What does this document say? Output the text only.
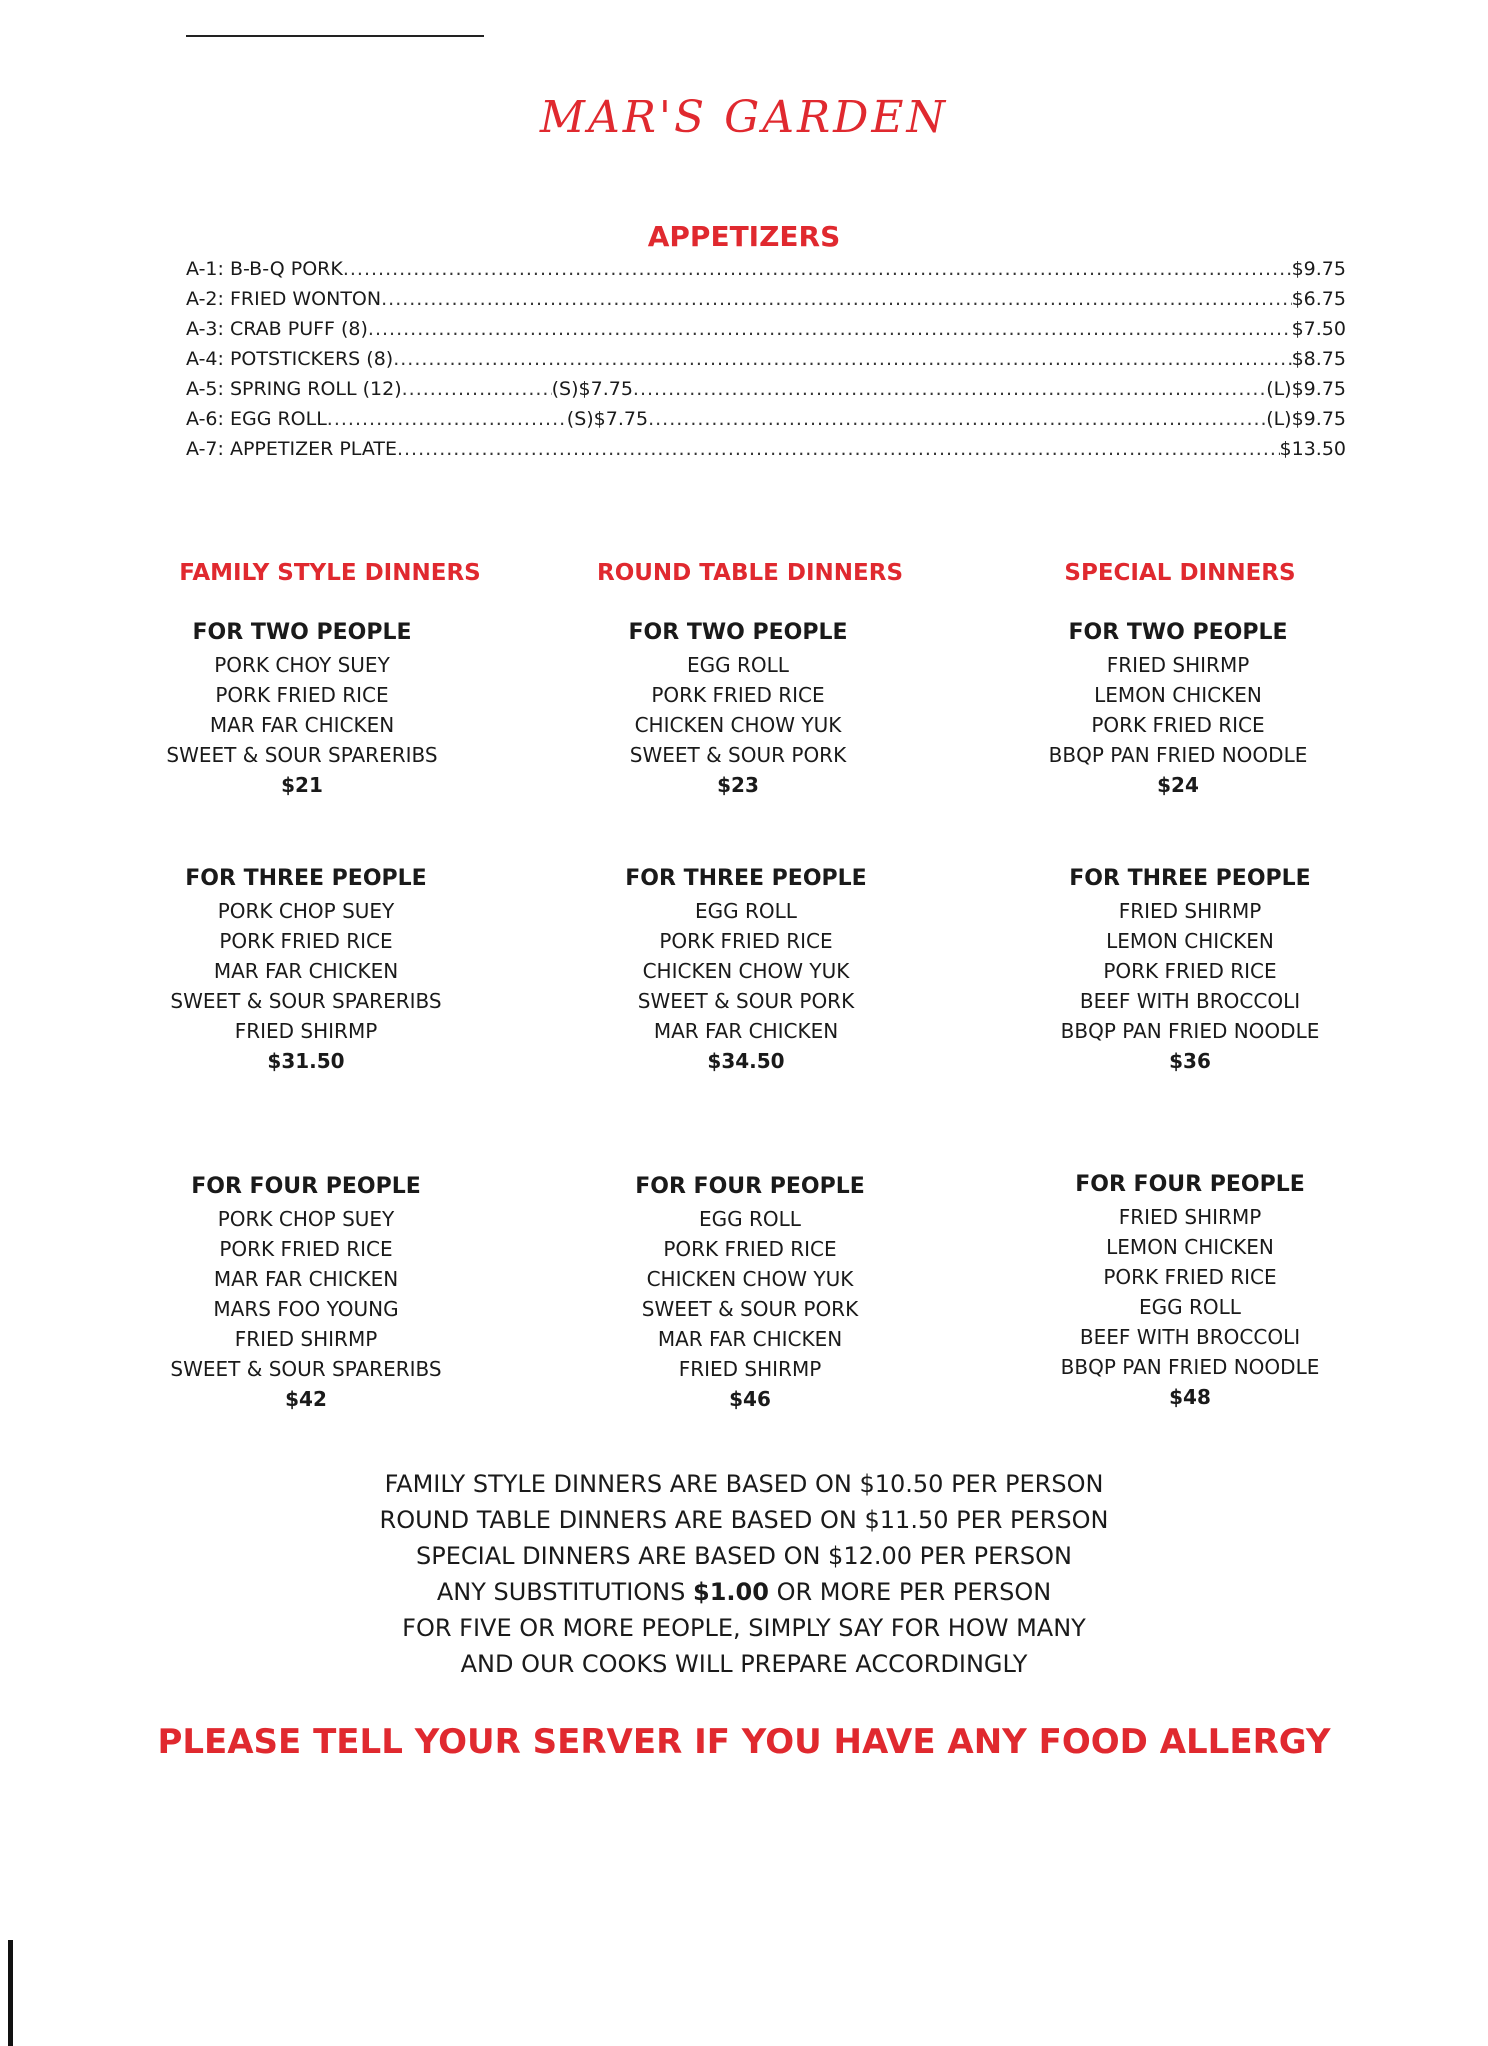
MAR'S GARDEN
APPETIZERS
A-1: B-B-Q PORK .....	$9.75
A-2: FRIED WONTON .....	$6.75
A-3: CRAB PUFF (8) .....	$7.50
A-4: POTSTICKERS (8) .....	$8.75
A-5: SPRING ROLL (12) .....	(S)$7.75 .....	(L)$9.75
A-6: EGG ROLL .....	(S)$7.75 .....	(L)$9.75
A-7: APPETIZER PLATE .....	$13.50
FAMILY STYLE DINNERS	ROUND TABLE DINNERS	SPECIAL DINNERS
FOR TWO PEOPLE
PORK CHOY SUEY
PORK FRIED RICE
MAR FAR CHICKEN
SWEET & SOUR SPARERIBS
$21
FOR THREE PEOPLE
PORK CHOP SUEY
PORK FRIED RICE
MAR FAR CHICKEN
SWEET & SOUR SPARERIBS
FRIED SHIRMP
$31.50
FOR FOUR PEOPLE
PORK CHOP SUEY
PORK FRIED RICE
MAR FAR CHICKEN
MARS FOO YOUNG
FRIED SHIRMP
SWEET & SOUR SPARERIBS
$42
FOR TWO PEOPLE
EGG ROLL
PORK FRIED RICE
CHICKEN CHOW YUK
SWEET & SOUR PORK
$23
FOR THREE PEOPLE
EGG ROLL
PORK FRIED RICE
CHICKEN CHOW YUK
SWEET & SOUR PORK
MAR FAR CHICKEN
$34.50
FOR FOUR PEOPLE
EGG ROLL
PORK FRIED RICE
CHICKEN CHOW YUK
SWEET & SOUR PORK
MAR FAR CHICKEN
FRIED SHIRMP
$46
FOR TWO PEOPLE
FRIED SHIRMP
LEMON CHICKEN
PORK FRIED RICE
BBQP PAN FRIED NOODLE
$24
FOR THREE PEOPLE
FRIED SHIRMP
LEMON CHICKEN
PORK FRIED RICE
BEEF WITH BROCCOLI
BBQP PAN FRIED NOODLE
$36
FOR FOUR PEOPLE
FRIED SHIRMP
LEMON CHICKEN
PORK FRIED RICE
EGG ROLL
BEEF WITH BROCCOLI
BBQP PAN FRIED NOODLE
$48
FAMILY STYLE DINNERS ARE BASED ON $10.50 PER PERSON
ROUND TABLE DINNERS ARE BASED ON $11.50 PER PERSON
SPECIAL DINNERS ARE BASED ON $12.00 PER PERSON
ANY SUBSTITUTIONS $1.00 OR MORE PER PERSON
FOR FIVE OR MORE PEOPLE, SIMPLY SAY FOR HOW MANY
AND OUR COOKS WILL PREPARE ACCORDINGLY
PLEASE TELL YOUR SERVER IF YOU HAVE ANY FOOD ALLERGY
